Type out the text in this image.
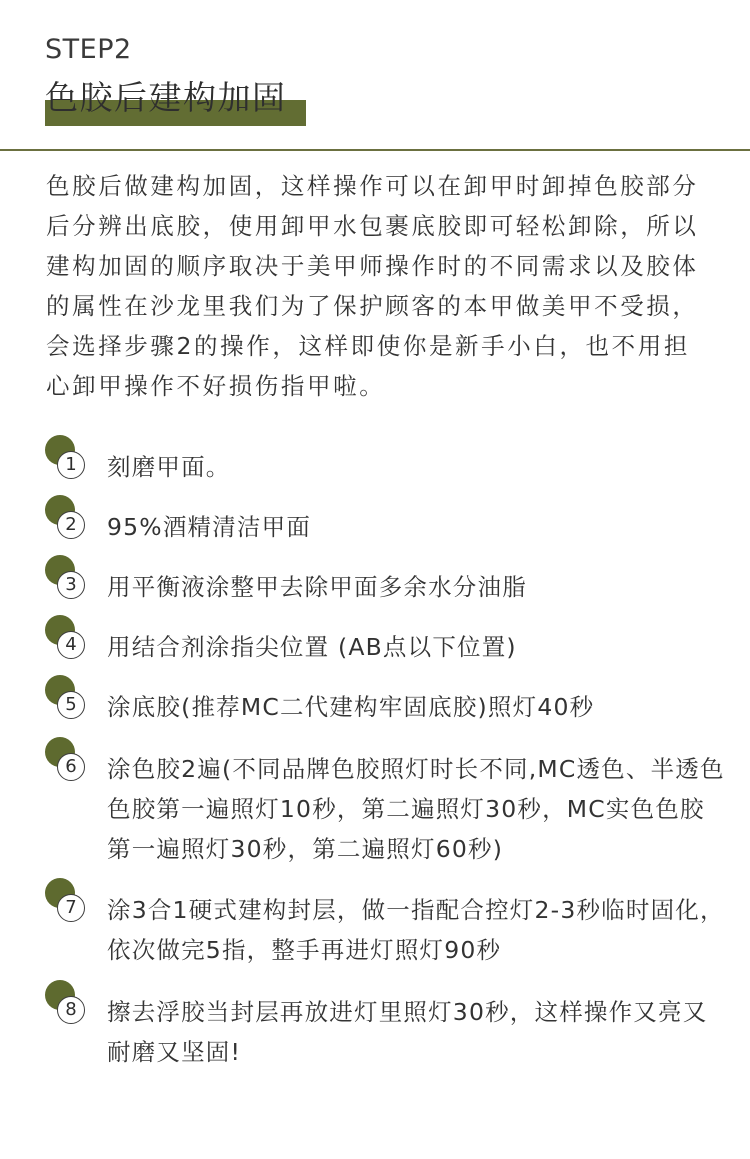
STEP2
色胶后建构加固
色胶后做建构加固，这样操作可以在卸甲时卸掉色胶部分后分辨出底胶，使用卸甲水包裹底胶即可轻松卸除，所以建构加固的顺序取决于美甲师操作时的不同需求以及胶体的属性在沙龙里我们为了保护顾客的本甲做美甲不受损，会选择步骤2的操作，这样即使你是新手小白，也不用担心卸甲操作不好损伤指甲啦。
1	刻磨甲面。
2	95%酒精清洁甲面
3	用平衡液涂整甲去除甲面多余水分油脂
4	用结合剂涂指尖位置 (AB点以下位置)
5	涂底胶(推荐MC二代建构牢固底胶)照灯40秒
6	涂色胶2遍(不同品牌色胶照灯时长不同,MC透色、半透色色胶第一遍照灯10秒，第二遍照灯30秒，MC实色色胶第一遍照灯30秒，第二遍照灯60秒)
7	涂3合1硬式建构封层，做一指配合控灯2-3秒临时固化，依次做完5指，整手再进灯照灯90秒
8	擦去浮胶当封层再放进灯里照灯30秒，这样操作又亮又耐磨又坚固!
